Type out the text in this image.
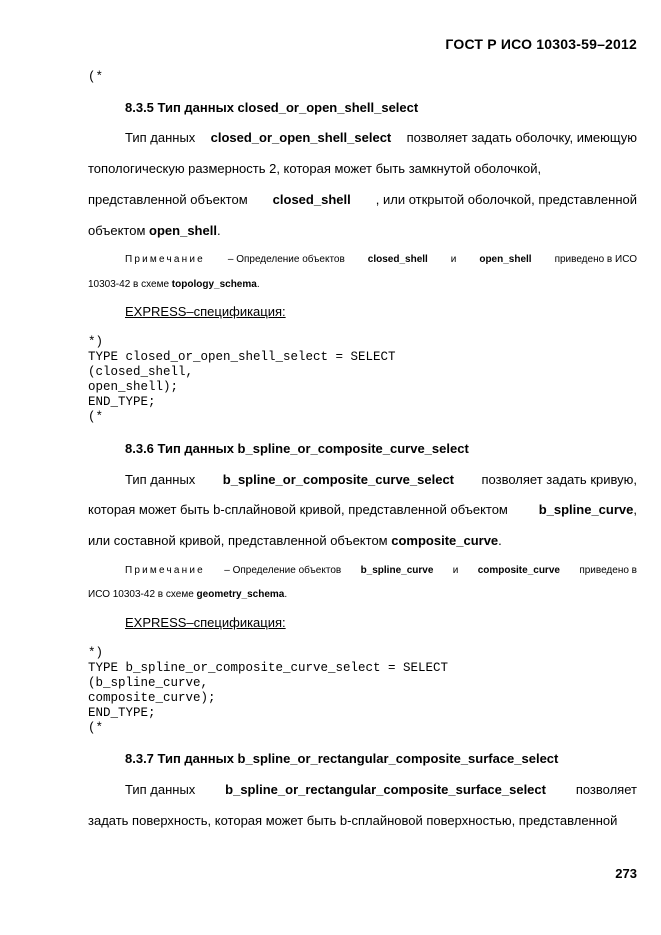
ГОСТ Р ИСО 10303-59–2012
(*
8.3.5 Тип данных closed_or_open_shell_select
Тип данных closed_or_open_shell_select позволяет задать оболочку, имеющую
топологическую размерность 2, которая может быть замкнутой оболочкой,
представленной объектом closed_shell , или открытой оболочкой, представленной
объектом open_shell.
Примечание – Определение объектов closed_shell и open_shell приведено в ИСО
10303-42 в схеме topology_schema.
EXPRESS–спецификация:
*)
TYPE closed_or_open_shell_select = SELECT
(closed_shell,
open_shell);
END_TYPE;
(*
8.3.6 Тип данных b_spline_or_composite_curve_select
Тип данных b_spline_or_composite_curve_select позволяет задать кривую,
которая может быть b-сплайновой кривой, представленной объектом b_spline_curve,
или составной кривой, представленной объектом composite_curve.
Примечание – Определение объектов b_spline_curve и composite_curve приведено в
ИСО 10303-42 в схеме geometry_schema.
EXPRESS–спецификация:
*)
TYPE b_spline_or_composite_curve_select = SELECT
(b_spline_curve,
composite_curve);
END_TYPE;
(*
8.3.7 Тип данных b_spline_or_rectangular_composite_surface_select
Тип данных b_spline_or_rectangular_composite_surface_select позволяет
задать поверхность, которая может быть b-сплайновой поверхностью, представленной
273
